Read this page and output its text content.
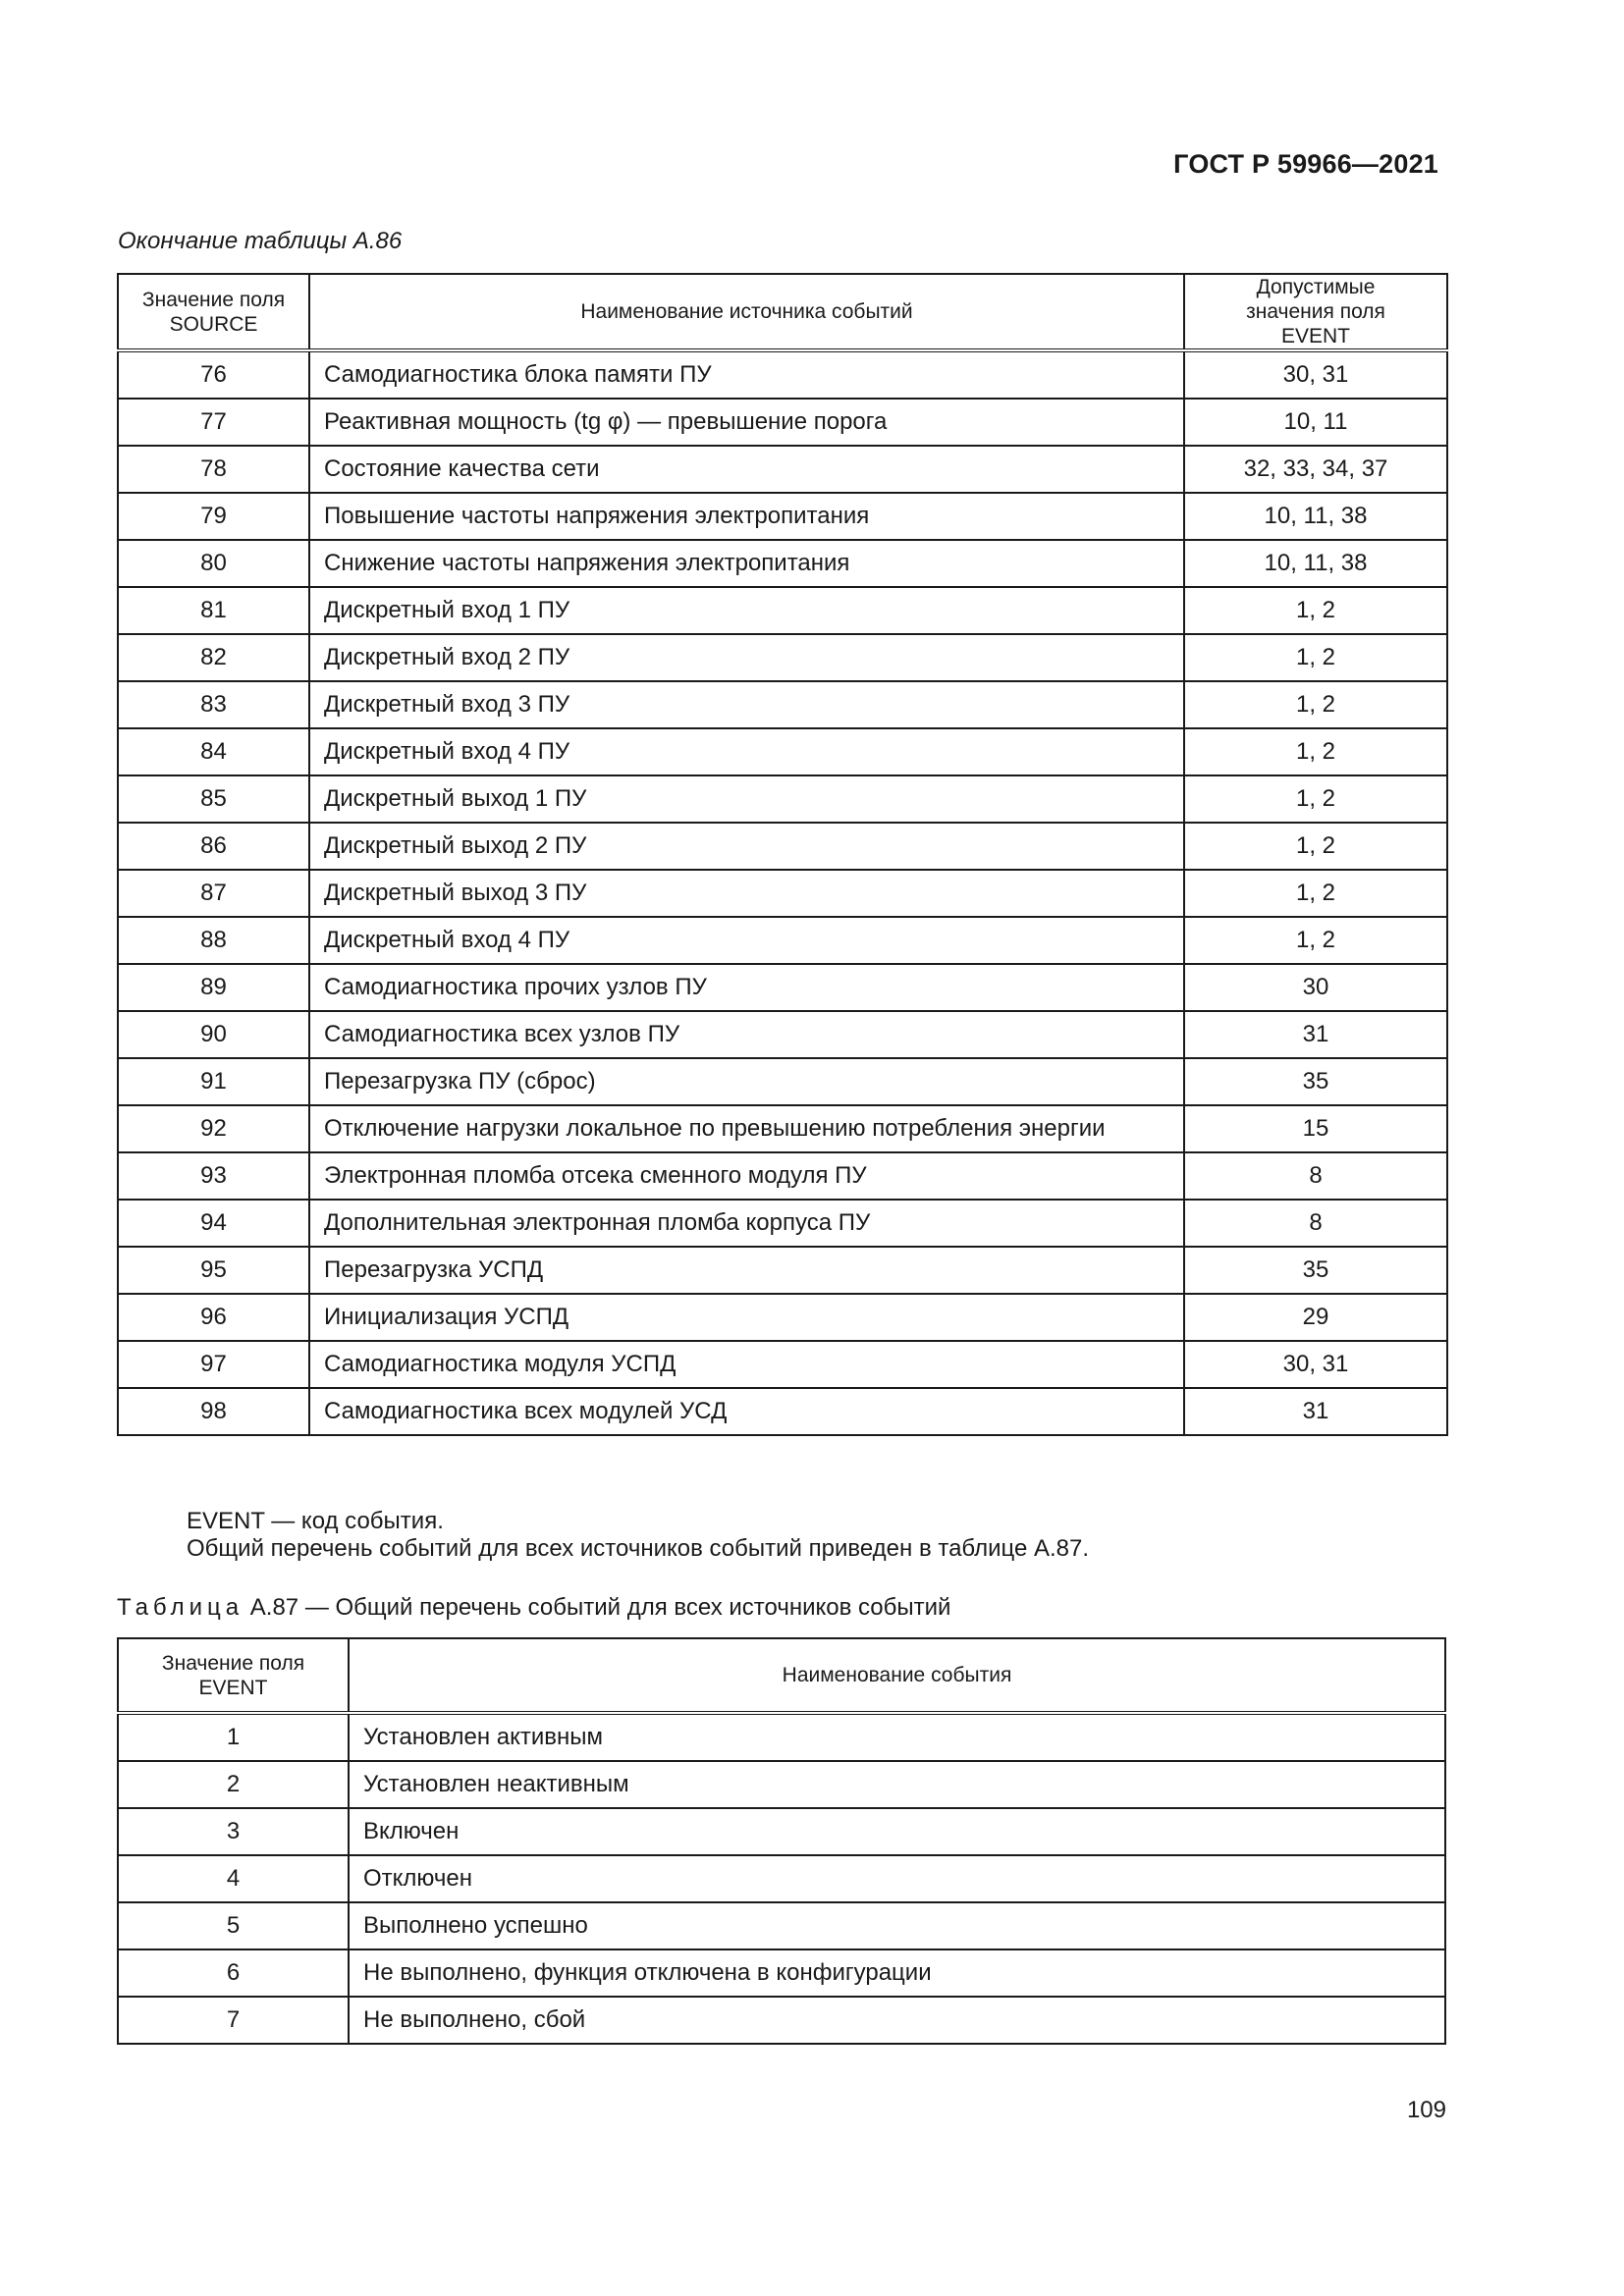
ГОСТ Р 59966—2021
Окончание таблицы А.86
Значение поля SOURCE	Наименование источника событий	Допустимые значения поля EVENT
76	Самодиагностика блока памяти ПУ	30, 31
77	Реактивная мощность (tg φ) — превышение порога	10, 11
78	Состояние качества сети	32, 33, 34, 37
79	Повышение частоты напряжения электропитания	10, 11, 38
80	Снижение частоты напряжения электропитания	10, 11, 38
81	Дискретный вход 1 ПУ	1, 2
82	Дискретный вход 2 ПУ	1, 2
83	Дискретный вход 3 ПУ	1, 2
84	Дискретный вход 4 ПУ	1, 2
85	Дискретный выход 1 ПУ	1, 2
86	Дискретный выход 2 ПУ	1, 2
87	Дискретный выход 3 ПУ	1, 2
88	Дискретный вход 4 ПУ	1, 2
89	Самодиагностика прочих узлов ПУ	30
90	Самодиагностика всех узлов ПУ	31
91	Перезагрузка ПУ (сброс)	35
92	Отключение нагрузки локальное по превышению потребления энергии	15
93	Электронная пломба отсека сменного модуля ПУ	8
94	Дополнительная электронная пломба корпуса ПУ	8
95	Перезагрузка УСПД	35
96	Инициализация УСПД	29
97	Самодиагностика модуля УСПД	30, 31
98	Самодиагностика всех модулей УСД	31
EVENT — код события.
Общий перечень событий для всех источников событий приведен в таблице А.87.
Таблица А.87 — Общий перечень событий для всех источников событий
Значение поля EVENT	Наименование события
1	Установлен активным
2	Установлен неактивным
3	Включен
4	Отключен
5	Выполнено успешно
6	Не выполнено, функция отключена в конфигурации
7	Не выполнено, сбой
109
